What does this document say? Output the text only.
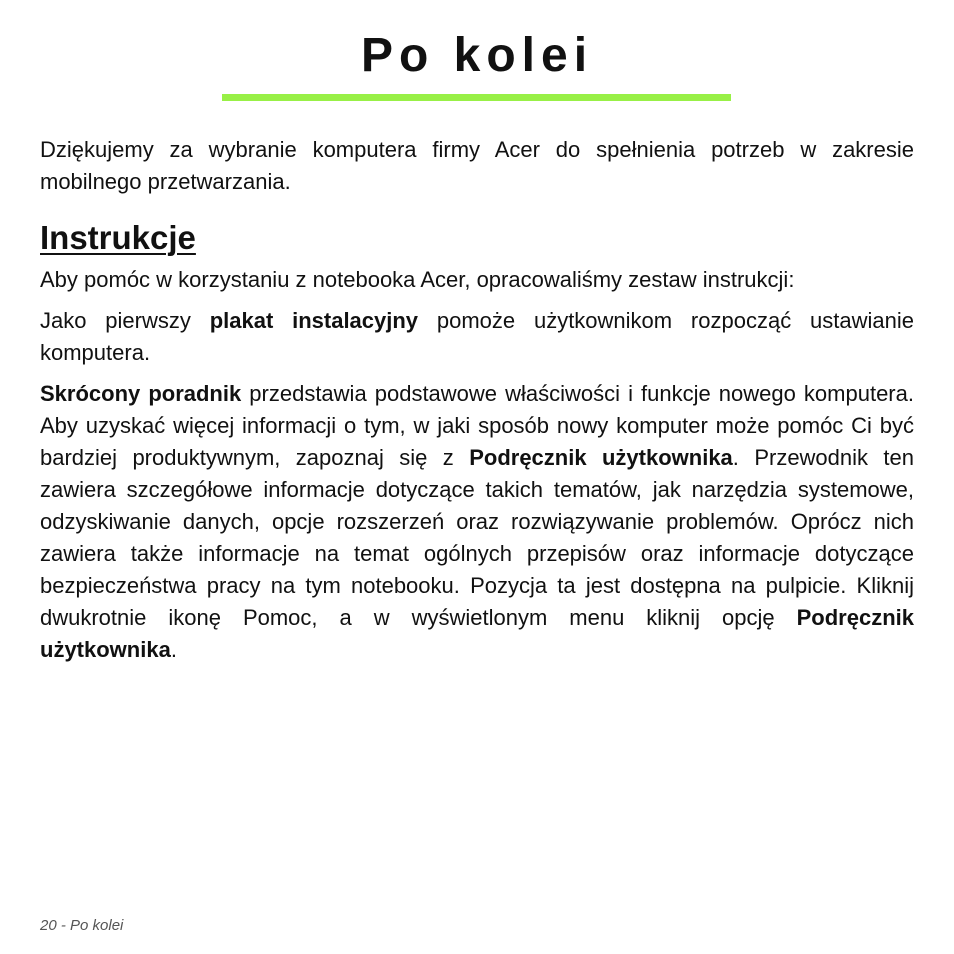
Po kolei

Dziękujemy za wybranie komputera firmy Acer do spełnienia potrzeb w zakresie mobilnego przetwarzania.

Instrukcje

Aby pomóc w korzystaniu z notebooka Acer, opracowaliśmy zestaw instrukcji:

Jako pierwszy plakat instalacyjny pomoże użytkownikom rozpocząć ustawianie komputera.

Skrócony poradnik przedstawia podstawowe właściwości i funkcje nowego komputera. Aby uzyskać więcej informacji o tym, w jaki sposób nowy komputer może pomóc Ci być bardziej produktywnym, zapoznaj się z Podręcznik użytkownika. Przewodnik ten zawiera szczegółowe informacje dotyczące takich tematów, jak narzędzia systemowe, odzyskiwanie danych, opcje rozszerzeń oraz rozwiązywanie problemów. Oprócz nich zawiera także informacje na temat ogólnych przepisów oraz informacje dotyczące bezpieczeństwa pracy na tym notebooku. Pozycja ta jest dostępna na pulpicie. Kliknij dwukrotnie ikonę Pomoc, a w wyświetlonym menu kliknij opcję Podręcznik użytkownika.

20 - Po kolei
